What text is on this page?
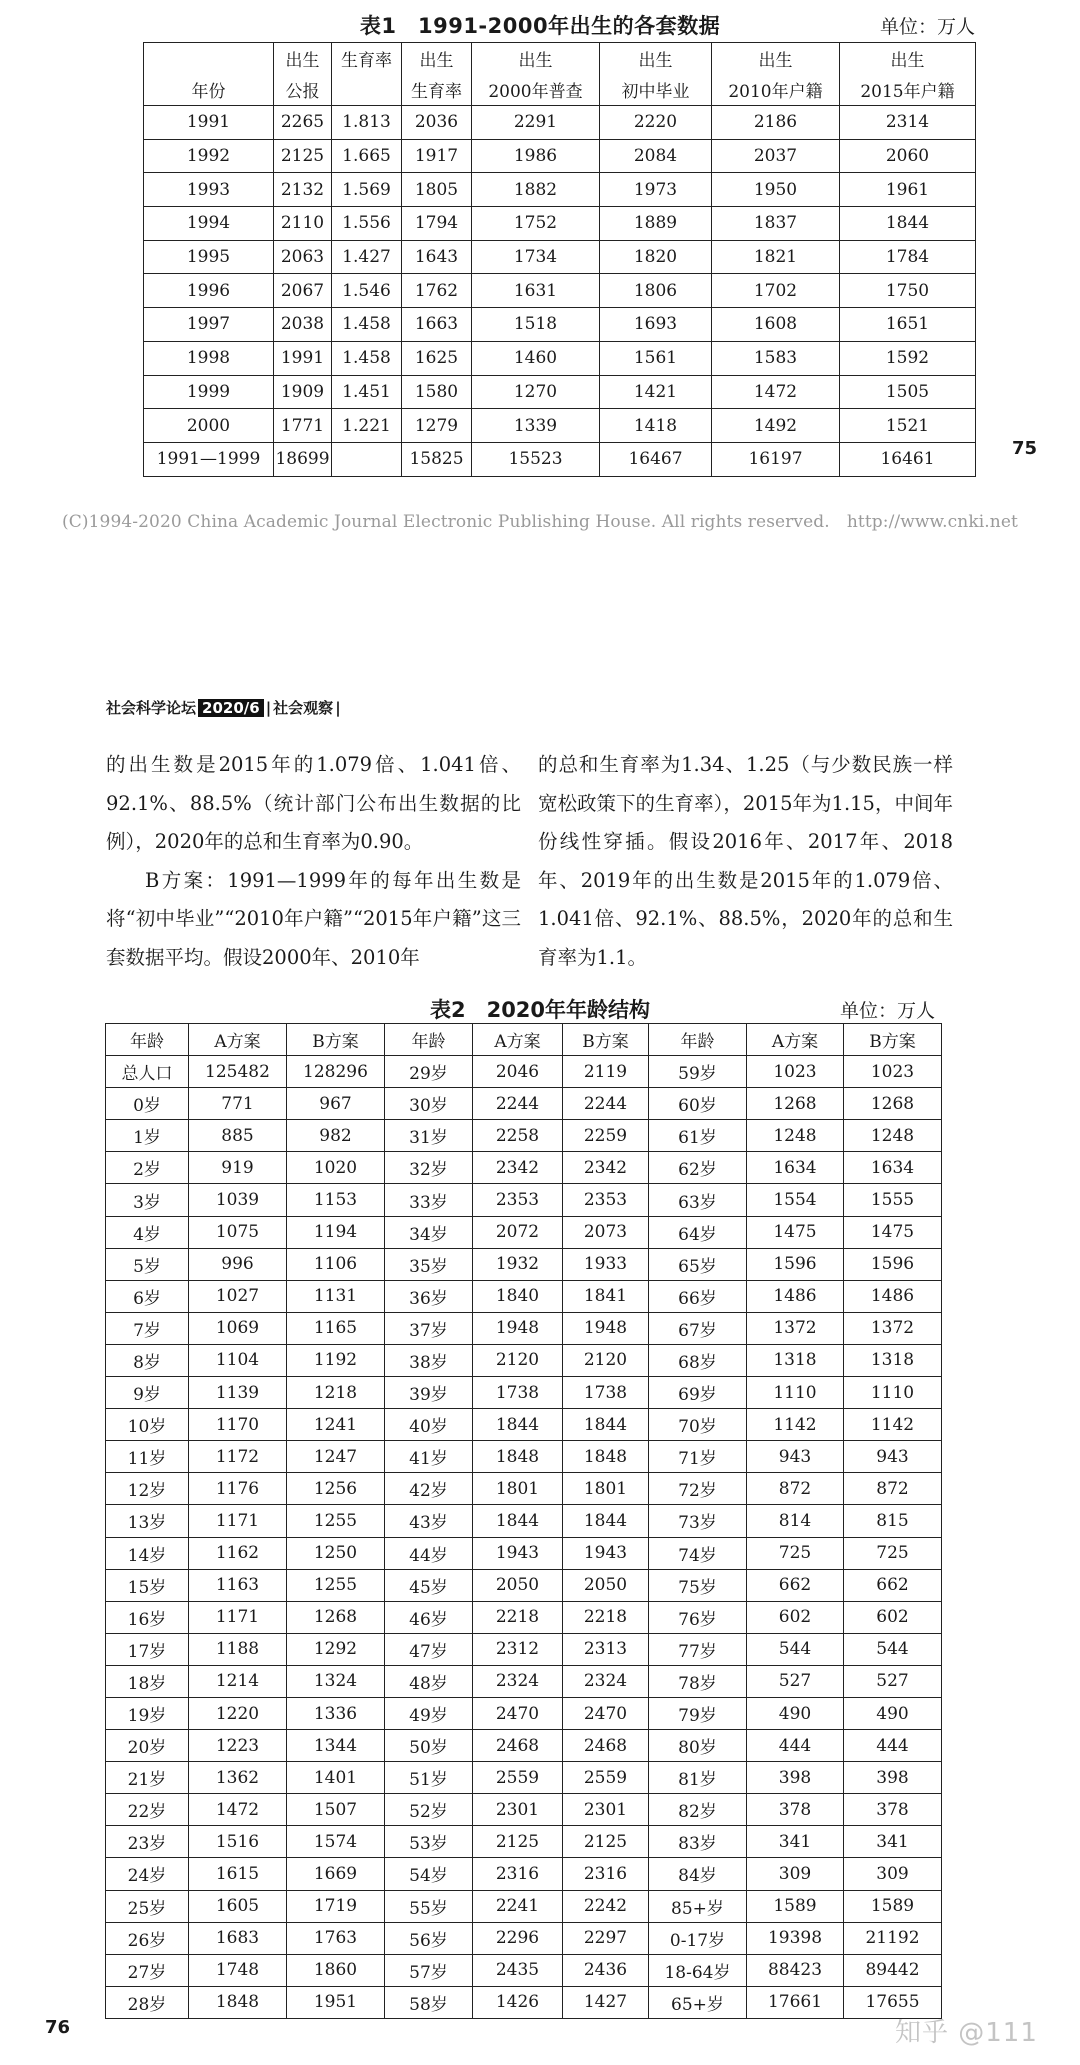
表1　1991-2000年出生的各套数据	单位：万人
	出生	生育率	出生	出生	出生	出生	出生
年份	公报		生育率	2000年普查	初中毕业	2010年户籍	2015年户籍
1991	2265	1.813	2036	2291	2220	2186	2314
1992	2125	1.665	1917	1986	2084	2037	2060
1993	2132	1.569	1805	1882	1973	1950	1961
1994	2110	1.556	1794	1752	1889	1837	1844
1995	2063	1.427	1643	1734	1820	1821	1784
1996	2067	1.546	1762	1631	1806	1702	1750
1997	2038	1.458	1663	1518	1693	1608	1651
1998	1991	1.458	1625	1460	1561	1583	1592
1999	1909	1.451	1580	1270	1421	1472	1505
2000	1771	1.221	1279	1339	1418	1492	1521
1991—1999	18699		15825	15523	16467	16197	16461
75
(C)1994-2020 China Academic Journal Electronic Publishing House. All rights reserved.　http://www.cnki.net
社会科学论坛 2020/6 | 社会观察 |

的出生数是2015年的1.079倍、1.041倍、92.1%、88.5%（统计部门公布出生数据的比例），2020年的总和生育率为0.90。

B方案：1991—1999年的每年出生数是将“初中毕业”“2010年户籍”“2015年户籍”这三套数据平均。假设2000年、2010年

的总和生育率为1.34、1.25（与少数民族一样宽松政策下的生育率），2015年为1.15，中间年份线性穿插。假设2016年、2017年、2018年、2019年的出生数是2015年的1.079倍、1.041倍、92.1%、88.5%，2020年的总和生育率为1.1。

表2　2020年年龄结构	单位：万人
年龄	A方案	B方案	年龄	A方案	B方案	年龄	A方案	B方案
总人口	125482	128296	29岁	2046	2119	59岁	1023	1023
0岁	771	967	30岁	2244	2244	60岁	1268	1268
1岁	885	982	31岁	2258	2259	61岁	1248	1248
2岁	919	1020	32岁	2342	2342	62岁	1634	1634
3岁	1039	1153	33岁	2353	2353	63岁	1554	1555
4岁	1075	1194	34岁	2072	2073	64岁	1475	1475
5岁	996	1106	35岁	1932	1933	65岁	1596	1596
6岁	1027	1131	36岁	1840	1841	66岁	1486	1486
7岁	1069	1165	37岁	1948	1948	67岁	1372	1372
8岁	1104	1192	38岁	2120	2120	68岁	1318	1318
9岁	1139	1218	39岁	1738	1738	69岁	1110	1110
10岁	1170	1241	40岁	1844	1844	70岁	1142	1142
11岁	1172	1247	41岁	1848	1848	71岁	943	943
12岁	1176	1256	42岁	1801	1801	72岁	872	872
13岁	1171	1255	43岁	1844	1844	73岁	814	815
14岁	1162	1250	44岁	1943	1943	74岁	725	725
15岁	1163	1255	45岁	2050	2050	75岁	662	662
16岁	1171	1268	46岁	2218	2218	76岁	602	602
17岁	1188	1292	47岁	2312	2313	77岁	544	544
18岁	1214	1324	48岁	2324	2324	78岁	527	527
19岁	1220	1336	49岁	2470	2470	79岁	490	490
20岁	1223	1344	50岁	2468	2468	80岁	444	444
21岁	1362	1401	51岁	2559	2559	81岁	398	398
22岁	1472	1507	52岁	2301	2301	82岁	378	378
23岁	1516	1574	53岁	2125	2125	83岁	341	341
24岁	1615	1669	54岁	2316	2316	84岁	309	309
25岁	1605	1719	55岁	2241	2242	85+岁	1589	1589
26岁	1683	1763	56岁	2296	2297	0-17岁	19398	21192
27岁	1748	1860	57岁	2435	2436	18-64岁	88423	89442
28岁	1848	1951	58岁	1426	1427	65+岁	17661	17655
76	知乎 @111
